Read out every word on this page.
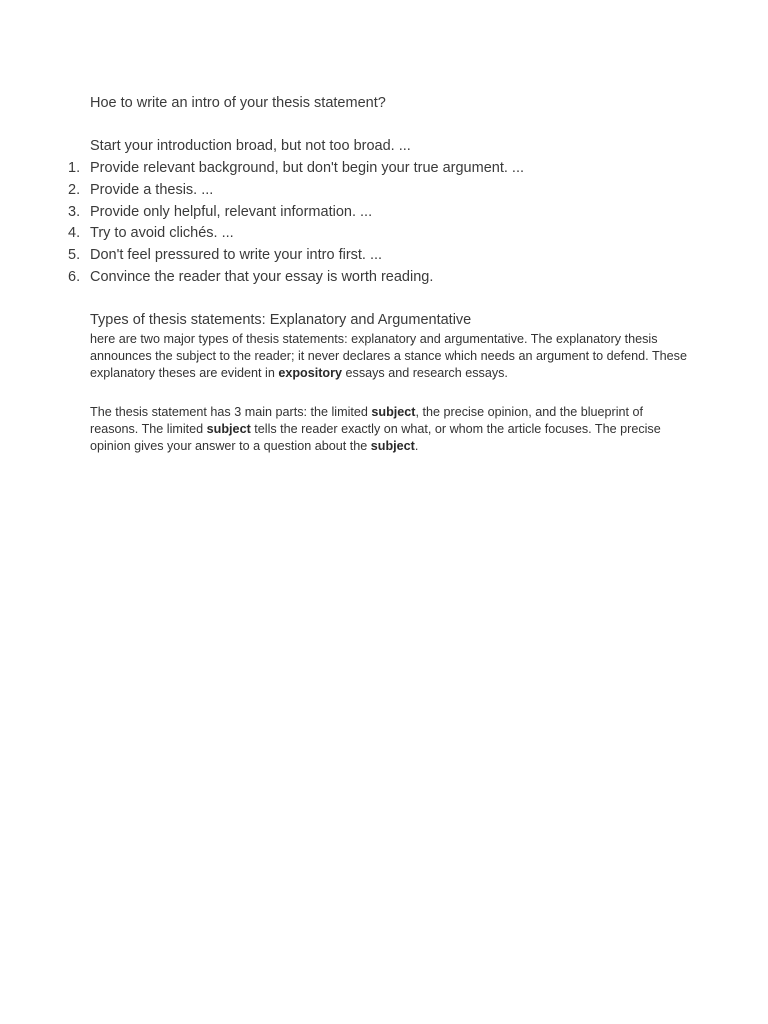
Hoe to write an intro of your thesis statement?
Start your introduction broad, but not too broad. ...
1. Provide relevant background, but don't begin your true argument. ...
2. Provide a thesis. ...
3. Provide only helpful, relevant information. ...
4. Try to avoid clichés. ...
5. Don't feel pressured to write your intro first. ...
6. Convince the reader that your essay is worth reading.
Types of thesis statements: Explanatory and Argumentative
here are two major types of thesis statements: explanatory and argumentative. The explanatory thesis announces the subject to the reader; it never declares a stance which needs an argument to defend. These explanatory theses are evident in expository essays and research essays.
The thesis statement has 3 main parts: the limited subject, the precise opinion, and the blueprint of reasons. The limited subject tells the reader exactly on what, or whom the article focuses. The precise opinion gives your answer to a question about the subject.
